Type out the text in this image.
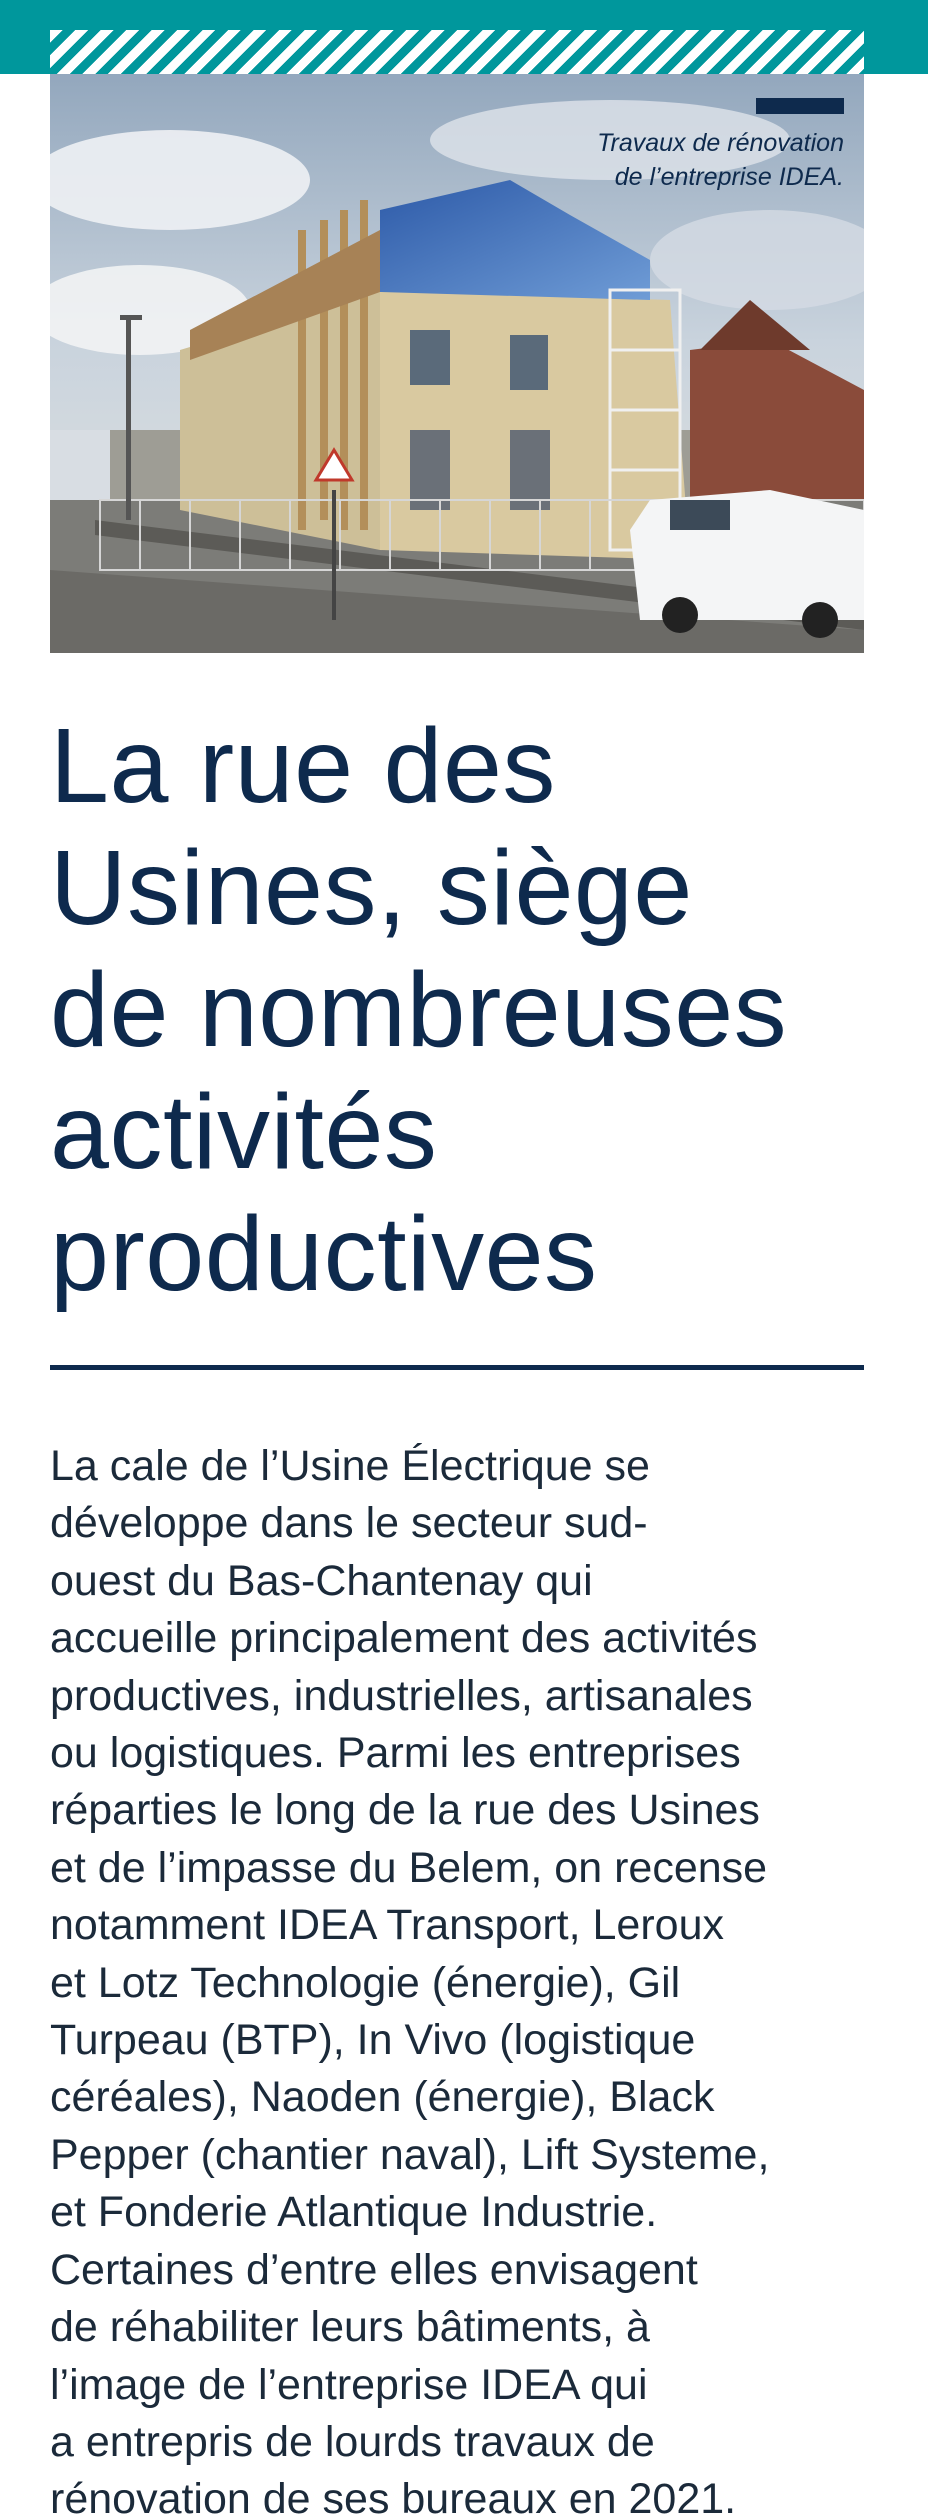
Travaux de rénovation
de l’entreprise IDEA.
La rue des
Usines, siège
de nombreuses
activités
productives
La cale de l’Usine Électrique se
développe dans le secteur sud-
ouest du Bas-Chantenay qui
accueille principalement des activités
productives, industrielles, artisanales
ou logistiques. Parmi les entreprises
réparties le long de la rue des Usines
et de l’impasse du Belem, on recense
notamment IDEA Transport, Leroux
et Lotz Technologie (énergie), Gil
Turpeau (BTP), In Vivo (logistique
céréales), Naoden (énergie), Black
Pepper (chantier naval), Lift Systeme,
et Fonderie Atlantique Industrie.
Certaines d’entre elles envisagent
de réhabiliter leurs bâtiments, à
l’image de l’entreprise IDEA qui
a entrepris de lourds travaux de
rénovation de ses bureaux en 2021.
